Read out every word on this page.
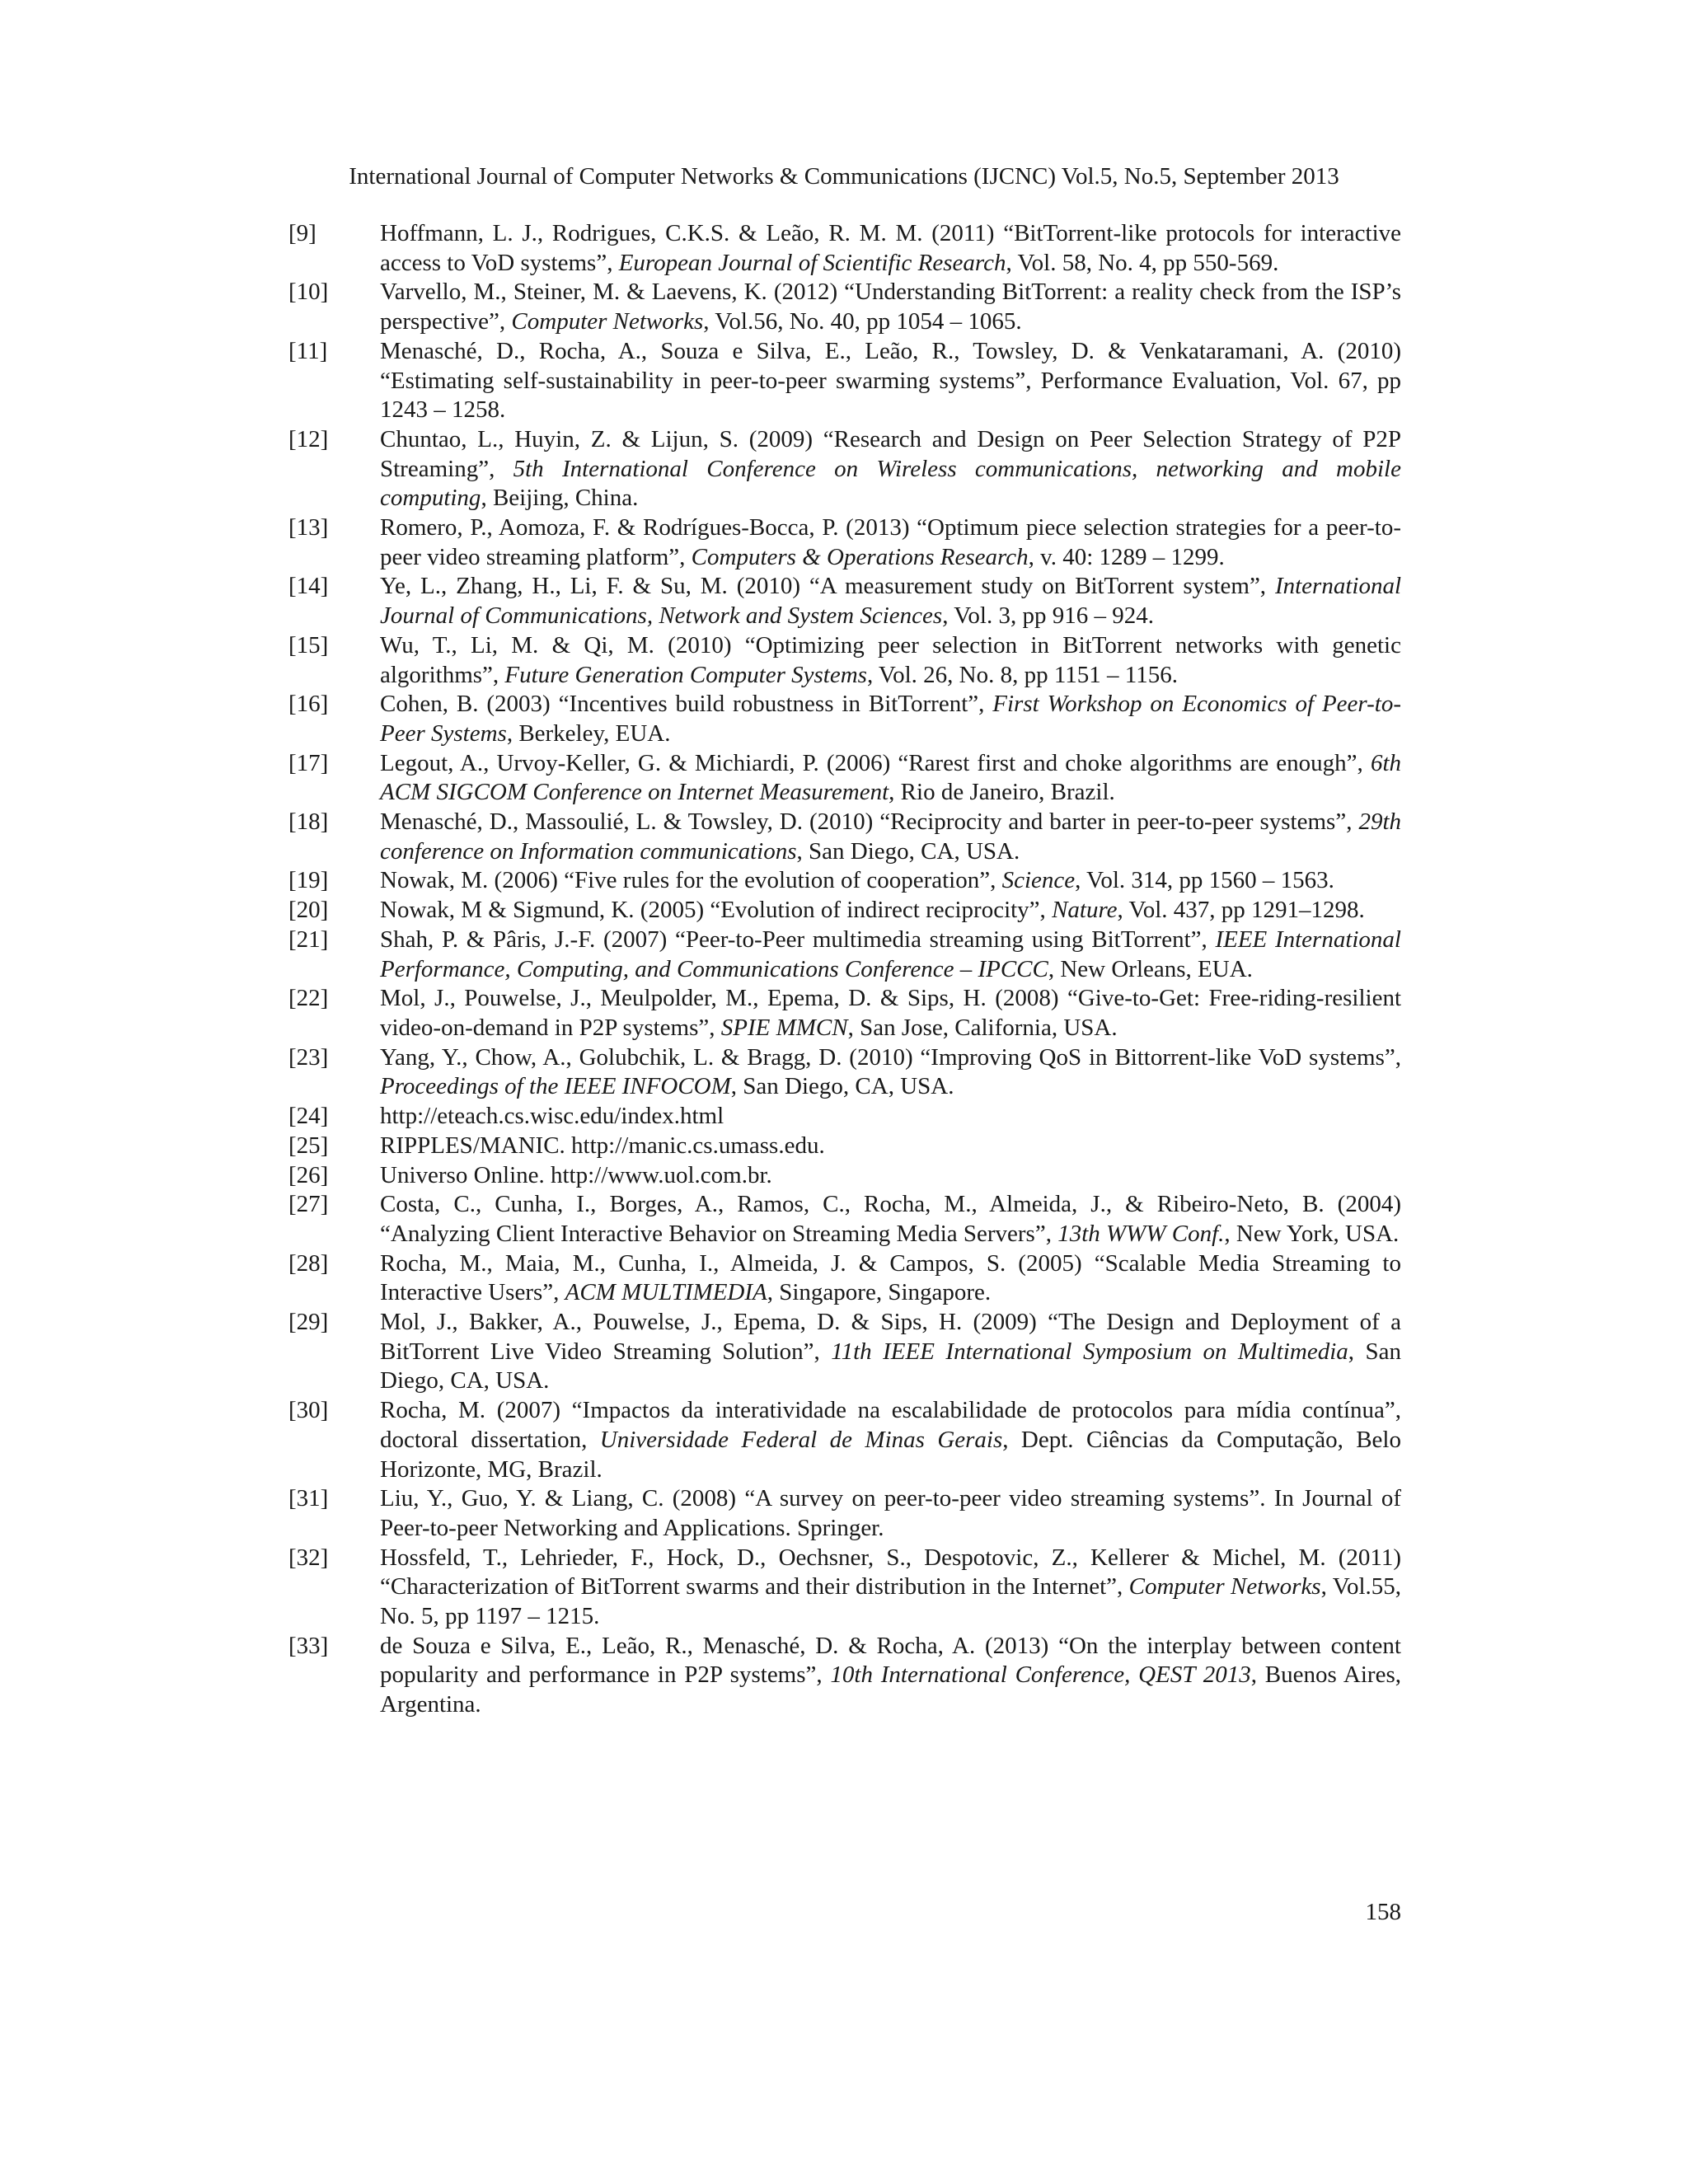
International Journal of Computer Networks & Communications (IJCNC) Vol.5, No.5, September 2013
[9]	Hoffmann, L. J., Rodrigues, C.K.S. & Leão, R. M. M. (2011) “BitTorrent-like protocols for interactive access to VoD systems”, European Journal of Scientific Research, Vol. 58, No. 4, pp 550-569.
[10] Varvello, M., Steiner, M. & Laevens, K. (2012) “Understanding BitTorrent: a reality check from the ISP’s perspective”, Computer Networks, Vol.56, No. 40, pp 1054 – 1065.
[11] Menasché, D., Rocha, A., Souza e Silva, E., Leão, R., Towsley, D. & Venkataramani, A. (2010) “Estimating self-sustainability in peer-to-peer swarming systems”, Performance Evaluation, Vol. 67, pp 1243 – 1258.
[12] Chuntao, L., Huyin, Z. & Lijun, S. (2009) “Research and Design on Peer Selection Strategy of P2P Streaming”, 5th International Conference on Wireless communications, networking and mobile computing, Beijing, China.
[13] Romero, P., Aomoza, F. & Rodrígues-Bocca, P. (2013) “Optimum piece selection strategies for a peer-to-peer video streaming platform”, Computers & Operations Research, v. 40: 1289 – 1299.
[14] Ye, L., Zhang, H., Li, F. & Su, M. (2010) “A measurement study on BitTorrent system”, International Journal of Communications, Network and System Sciences, Vol. 3, pp 916 – 924.
[15] Wu, T., Li, M. & Qi, M. (2010) “Optimizing peer selection in BitTorrent networks with genetic algorithms”, Future Generation Computer Systems, Vol. 26, No. 8, pp 1151 – 1156.
[16] Cohen, B. (2003) “Incentives build robustness in BitTorrent”, First Workshop on Economics of Peer-to-Peer Systems, Berkeley, EUA.
[17] Legout, A., Urvoy-Keller, G. & Michiardi, P. (2006) “Rarest first and choke algorithms are enough”, 6th ACM SIGCOM Conference on Internet Measurement, Rio de Janeiro, Brazil.
[18] Menasché, D., Massoulié, L. & Towsley, D. (2010) “Reciprocity and barter in peer-to-peer systems”, 29th conference on Information communications, San Diego, CA, USA.
[19] Nowak, M. (2006) “Five rules for the evolution of cooperation”, Science, Vol. 314, pp 1560 – 1563.
[20] Nowak, M & Sigmund, K. (2005) “Evolution of indirect reciprocity”, Nature, Vol. 437, pp 1291–1298.
[21] Shah, P. & Pâris, J.-F. (2007) “Peer-to-Peer multimedia streaming using BitTorrent”, IEEE International Performance, Computing, and Communications Conference – IPCCC, New Orleans, EUA.
[22] Mol, J., Pouwelse, J., Meulpolder, M., Epema, D. & Sips, H. (2008) “Give-to-Get: Free-riding-resilient video-on-demand in P2P systems”, SPIE MMCN, San Jose, California, USA.
[23] Yang, Y., Chow, A., Golubchik, L. & Bragg, D. (2010) “Improving QoS in Bittorrent-like VoD systems”, Proceedings of the IEEE INFOCOM, San Diego, CA, USA.
[24] http://eteach.cs.wisc.edu/index.html
[25] RIPPLES/MANIC. http://manic.cs.umass.edu.
[26] Universo Online. http://www.uol.com.br.
[27] Costa, C., Cunha, I., Borges, A., Ramos, C., Rocha, M., Almeida, J., & Ribeiro-Neto, B. (2004) “Analyzing Client Interactive Behavior on Streaming Media Servers”, 13th WWW Conf., New York, USA.
[28] Rocha, M., Maia, M., Cunha, I., Almeida, J. & Campos, S. (2005) “Scalable Media Streaming to Interactive Users”, ACM MULTIMEDIA, Singapore, Singapore.
[29] Mol, J., Bakker, A., Pouwelse, J., Epema, D. & Sips, H. (2009) “The Design and Deployment of a BitTorrent Live Video Streaming Solution”, 11th IEEE International Symposium on Multimedia, San Diego, CA, USA.
[30] Rocha, M. (2007) “Impactos da interatividade na escalabilidade de protocolos para mídia contínua”, doctoral dissertation, Universidade Federal de Minas Gerais, Dept. Ciências da Computação, Belo Horizonte, MG, Brazil.
[31] Liu, Y., Guo, Y. & Liang, C. (2008) “A survey on peer-to-peer video streaming systems”. In Journal of Peer-to-peer Networking and Applications. Springer.
[32] Hossfeld, T., Lehrieder, F., Hock, D., Oechsner, S., Despotovic, Z., Kellerer & Michel, M. (2011) “Characterization of BitTorrent swarms and their distribution in the Internet”, Computer Networks, Vol.55, No. 5, pp 1197 – 1215.
[33] de Souza e Silva, E., Leão, R., Menasché, D. & Rocha, A. (2013) “On the interplay between content popularity and performance in P2P systems”, 10th International Conference, QEST 2013, Buenos Aires, Argentina.
158
